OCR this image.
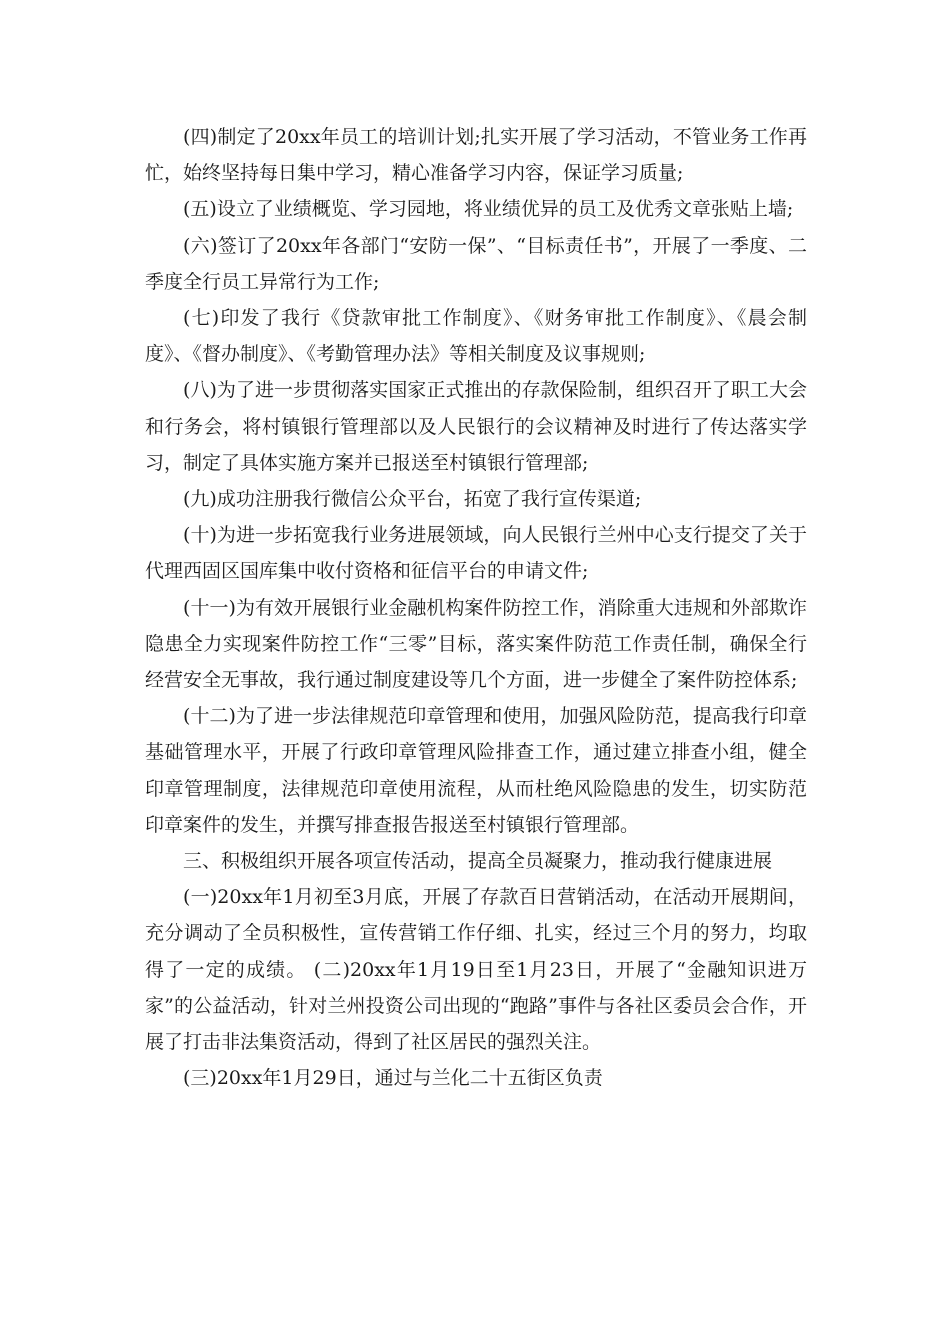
(四)制定了20xx年员工的培训计划;扎实开展了学习活动，不管业务工作再忙，始终坚持每日集中学习，精心准备学习内容，保证学习质量;

(五)设立了业绩概览、学习园地，将业绩优异的员工及优秀文章张贴上墙;

(六)签订了20xx年各部门“安防一保”、“目标责任书”，开展了一季度、二季度全行员工异常行为工作;

(七)印发了我行《贷款审批工作制度》、《财务审批工作制度》、《晨会制度》、《督办制度》、《考勤管理办法》等相关制度及议事规则;

(八)为了进一步贯彻落实国家正式推出的存款保险制，组织召开了职工大会和行务会，将村镇银行管理部以及人民银行的会议精神及时进行了传达落实学习，制定了具体实施方案并已报送至村镇银行管理部;

(九)成功注册我行微信公众平台，拓宽了我行宣传渠道;

(十)为进一步拓宽我行业务进展领域，向人民银行兰州中心支行提交了关于代理西固区国库集中收付资格和征信平台的申请文件;

(十一)为有效开展银行业金融机构案件防控工作，消除重大违规和外部欺诈隐患全力实现案件防控工作“三零”目标，落实案件防范工作责任制，确保全行经营安全无事故，我行通过制度建设等几个方面，进一步健全了案件防控体系;

(十二)为了进一步法律规范印章管理和使用，加强风险防范，提高我行印章基础管理水平，开展了行政印章管理风险排查工作，通过建立排查小组，健全印章管理制度，法律规范印章使用流程，从而杜绝风险隐患的发生，切实防范印章案件的发生，并撰写排查报告报送至村镇银行管理部。

三、积极组织开展各项宣传活动，提高全员凝聚力，推动我行健康进展

(一)20xx年1月初至3月底，开展了存款百日营销活动，在活动开展期间，充分调动了全员积极性，宣传营销工作仔细、扎实，经过三个月的努力，均取得了一定的成绩。 (二)20xx年1月19日至1月23日，开展了“金融知识进万家”的公益活动，针对兰州投资公司出现的“跑路”事件与各社区委员会合作，开展了打击非法集资活动，得到了社区居民的强烈关注。

(三)20xx年1月29日，通过与兰化二十五街区负责
